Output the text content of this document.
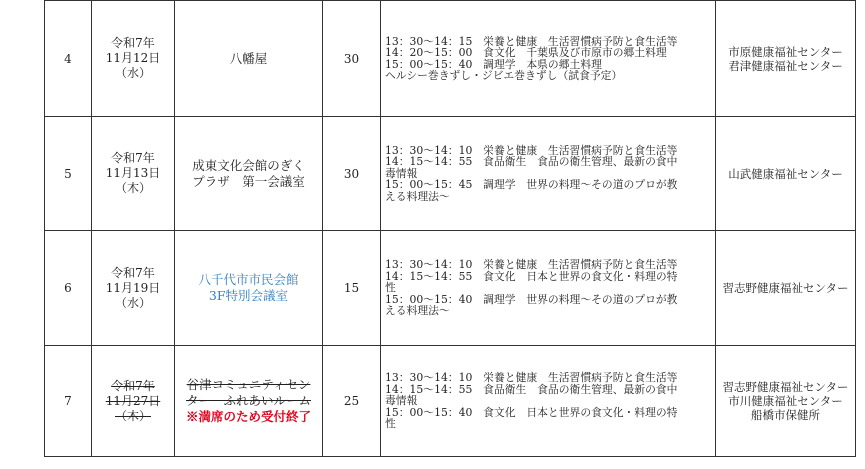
4	令和7年
11月12日
（水）	八幡屋	30	13：30〜14：15　栄養と健康　生活習慣病予防と食生活等
14：20〜15：00　食文化　千葉県及び市原市の郷土料理
15：00〜15：40　調理学　本県の郷土料理
ヘルシー巻きずし・ジビエ巻きずし（試食予定）	市原健康福祉センター
君津健康福祉センター

5	令和7年
11月13日
（木）	成東文化会館のぎく
プラザ　第一会議室	30	13：30〜14：10　栄養と健康　生活習慣病予防と食生活等
14：15〜14：55　食品衛生　食品の衛生管理、最新の食中
毒情報
15：00〜15：45　調理学　世界の料理〜その道のプロが教
える料理法〜	山武健康福祉センター

6	令和7年
11月19日
（水）	八千代市市民会館
3F特別会議室	15	13：30〜14：10　栄養と健康　生活習慣病予防と食生活等
14：15〜14：55　食文化　日本と世界の食文化・料理の特
性
15：00〜15：40　調理学　世界の料理〜その道のプロが教
える料理法〜	習志野健康福祉センター

7	令和7年
11月27日
（木）	谷津コミュニティセン
ター　ふれあいルーム
※満席のため受付終了	25	13：30〜14：10　栄養と健康　生活習慣病予防と食生活等
14：15〜14：55　食品衛生　食品の衛生管理、最新の食中
毒情報
15：00〜15：40　食文化　日本と世界の食文化・料理の特
性	習志野健康福祉センター
市川健康福祉センター
船橋市保健所
